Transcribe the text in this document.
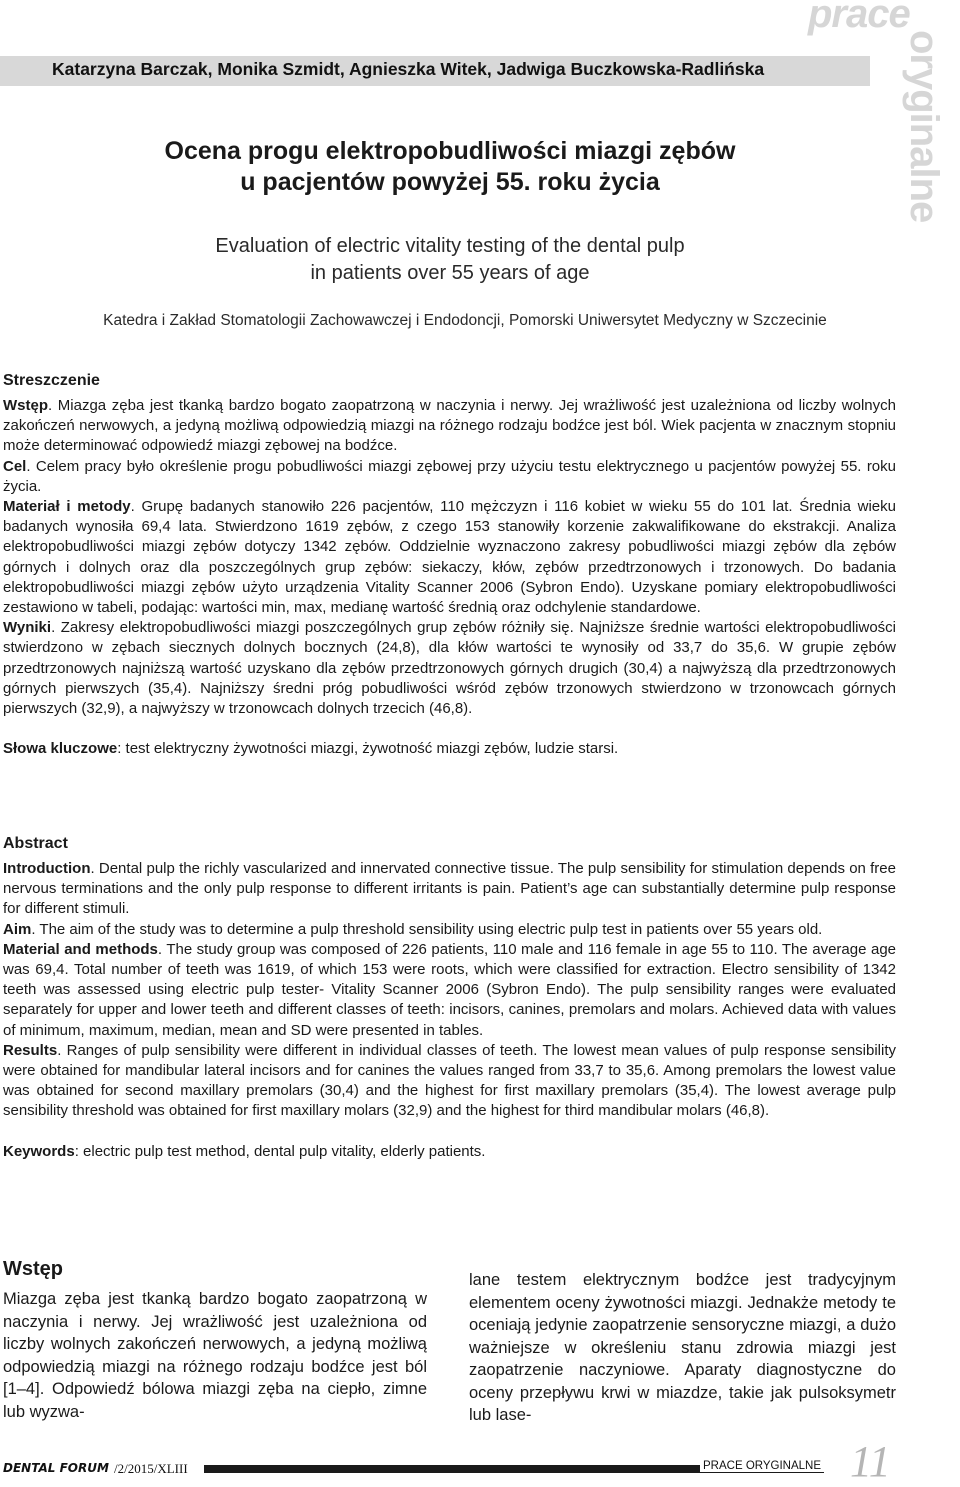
Katarzyna Barczak, Monika Szmidt, Agnieszka Witek, Jadwiga Buczkowska-Radlińska
prace
oryginalne
Ocena progu elektropobudliwości miazgi zębów
u pacjentów powyżej 55. roku życia
Evaluation of electric vitality testing of the dental pulp
in patients over 55 years of age
Katedra i Zakład Stomatologii Zachowawczej i Endodoncji, Pomorski Uniwersytet Medyczny w Szczecinie
Streszczenie

Wstęp. Miazga zęba jest tkanką bardzo bogato zaopatrzoną w naczynia i nerwy. Jej wrażliwość jest uzależniona od liczby wolnych zakończeń nerwowych, a jedyną możliwą odpowiedzią miazgi na różnego rodzaju bodźce jest ból. Wiek pacjenta w znacznym stopniu może determinować odpowiedź miazgi zębowej na bodźce.

Cel. Celem pracy było określenie progu pobudliwości miazgi zębowej przy użyciu testu elektrycznego u pacjentów powyżej 55. roku życia.

Materiał i metody. Grupę badanych stanowiło 226 pacjentów, 110 mężczyzn i 116 kobiet w wieku 55 do 101 lat. Średnia wieku badanych wynosiła 69,4 lata. Stwierdzono 1619 zębów, z czego 153 stanowiły korzenie zakwalifikowane do ekstrakcji. Analiza elektropobudliwości miazgi zębów dotyczy 1342 zębów. Oddzielnie wyznaczono zakresy pobudliwości miazgi zębów dla zębów górnych i dolnych oraz dla poszczególnych grup zębów: siekaczy, kłów, zębów przedtrzonowych i trzonowych. Do badania elektropobudliwości miazgi zębów użyto urządzenia Vitality Scanner 2006 (Sybron Endo). Uzyskane pomiary elektropobudliwości zestawiono w tabeli, podając: wartości min, max, medianę wartość średnią oraz odchylenie standardowe.

Wyniki. Zakresy elektropobudliwości miazgi poszczególnych grup zębów różniły się. Najniższe średnie wartości elektropobudliwości stwierdzono w zębach siecznych dolnych bocznych (24,8), dla kłów wartości te wynosiły od 33,7 do 35,6. W grupie zębów przedtrzonowych najniższą wartość uzyskano dla zębów przedtrzonowych górnych drugich (30,4) a najwyższą dla przedtrzonowych górnych pierwszych (35,4). Najniższy średni próg pobudliwości wśród zębów trzonowych stwierdzono w trzonowcach górnych pierwszych (32,9), a najwyższy w trzonowcach dolnych trzecich (46,8).

Słowa kluczowe: test elektryczny żywotności miazgi, żywotność miazgi zębów, ludzie starsi.

Abstract

Introduction. Dental pulp the richly vascularized and innervated connective tissue. The pulp sensibility for stimulation depends on free nervous terminations and the only pulp response to different irritants is pain. Patient’s age can substantially determine pulp response for different stimuli.

Aim. The aim of the study was to determine a pulp threshold sensibility using electric pulp test in patients over 55 years old.

Material and methods. The study group was composed of 226 patients, 110 male and 116 female in age 55 to 110. The average age was 69,4. Total number of teeth was 1619, of which 153 were roots, which were classified for extraction. Electro sensibility of 1342 teeth was assessed using electric pulp tester- Vitality Scanner 2006 (Sybron Endo). The pulp sensibility ranges were evaluated separately for upper and lower teeth and different classes of teeth: incisors, canines, premolars and molars. Achieved data with values of minimum, maximum, median, mean and SD were presented in tables.

Results. Ranges of pulp sensibility were different in individual classes of teeth. The lowest mean values of pulp response sensibility were obtained for mandibular lateral incisors and for canines the values ranged from 33,7 to 35,6. Among premolars the lowest value was obtained for second maxillary premolars (30,4) and the highest for first maxillary premolars (35,4). The lowest average pulp sensibility threshold was obtained for first maxillary molars (32,9) and the highest for third mandibular molars (46,8).

Keywords: electric pulp test method, dental pulp vitality, elderly patients.

Wstęp

Miazga zęba jest tkanką bardzo bogato zaopatrzoną w naczynia i nerwy. Jej wrażliwość jest uzależniona od liczby wolnych zakończeń nerwowych, a jedyną możliwą odpowiedzią miazgi na różnego rodzaju bodźce jest ból [1–4]. Odpowiedź bólowa miazgi zęba na ciepło, zimne lub wyzwa-

lane testem elektrycznym bodźce jest tradycyjnym elementem oceny żywotności miazgi. Jednakże metody te oceniają jedynie zaopatrzenie sensoryczne miazgi, a dużo ważniejsze w określeniu stanu zdrowia miazgi jest zaopatrzenie naczyniowe. Aparaty diagnostyczne do oceny przepływu krwi w miazdze, takie jak pulsoksymetr lub lase-

DENTAL FORUM /2/2015/XLIII	PRACE ORYGINALNE 11
